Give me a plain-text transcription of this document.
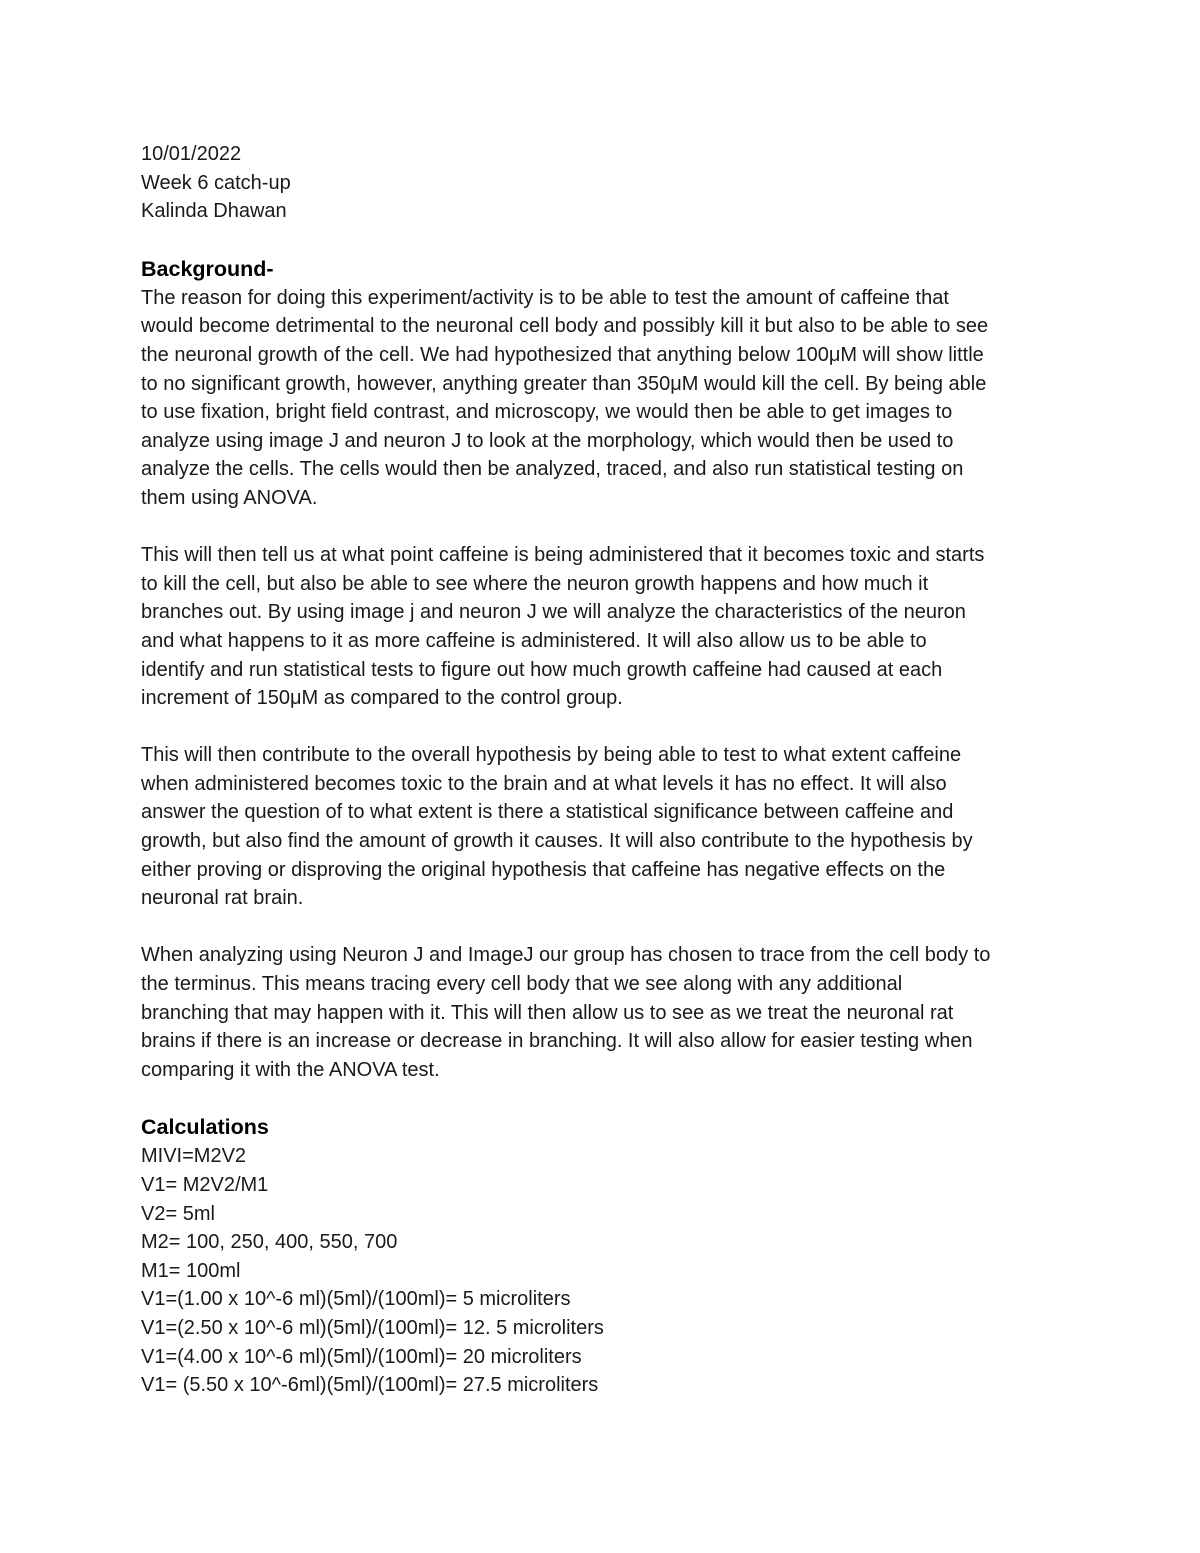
10/01/2022
Week 6 catch-up
Kalinda Dhawan
Background-
The reason for doing this experiment/activity is to be able to test the amount of caffeine that
would become detrimental to the neuronal cell body and possibly kill it but also to be able to see
the neuronal growth of the cell. We had hypothesized that anything below 100μM will show little
to no significant growth, however, anything greater than 350μM would kill the cell. By being able
to use fixation, bright field contrast, and microscopy, we would then be able to get images to
analyze using image J and neuron J to look at the morphology, which would then be used to
analyze the cells. The cells would then be analyzed, traced, and also run statistical testing on
them using ANOVA.
This will then tell us at what point caffeine is being administered that it becomes toxic and starts
to kill the cell, but also be able to see where the neuron growth happens and how much it
branches out. By using image j and neuron J we will analyze the characteristics of the neuron
and what happens to it as more caffeine is administered. It will also allow us to be able to
identify and run statistical tests to figure out how much growth caffeine had caused at each
increment of 150μM as compared to the control group.
This will then contribute to the overall hypothesis by being able to test to what extent caffeine
when administered becomes toxic to the brain and at what levels it has no effect. It will also
answer the question of to what extent is there a statistical significance between caffeine and
growth, but also find the amount of growth it causes. It will also contribute to the hypothesis by
either proving or disproving the original hypothesis that caffeine has negative effects on the
neuronal rat brain.
When analyzing using Neuron J and ImageJ our group has chosen to trace from the cell body to
the terminus. This means tracing every cell body that we see along with any additional
branching that may happen with it. This will then allow us to see as we treat the neuronal rat
brains if there is an increase or decrease in branching. It will also allow for easier testing when
comparing it with the ANOVA test.
Calculations
MIVI=M2V2
V1= M2V2/M1
V2= 5ml
M2= 100, 250, 400, 550, 700
M1= 100ml
V1=(1.00 x 10^-6 ml)(5ml)/(100ml)= 5 microliters
V1=(2.50 x 10^-6 ml)(5ml)/(100ml)= 12. 5 microliters
V1=(4.00 x 10^-6 ml)(5ml)/(100ml)= 20 microliters
V1= (5.50 x 10^-6ml)(5ml)/(100ml)= 27.5 microliters
